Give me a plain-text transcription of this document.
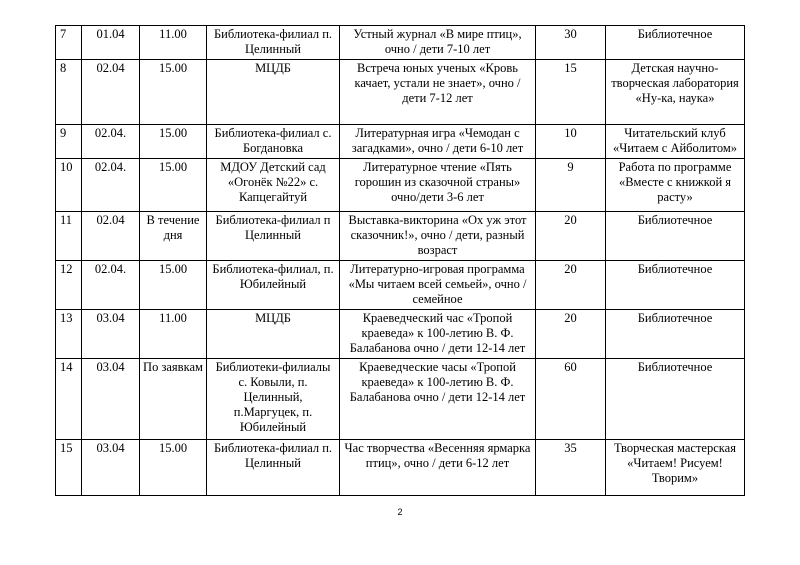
7	01.04	11.00	Библиотека-филиал п. Целинный	Устный журнал «В мире птиц», очно / дети 7-10 лет	30	Библиотечное
8	02.04	15.00	МЦДБ	Встреча юных ученых «Кровь качает, устали не знает», очно / дети 7-12 лет	15	Детская научно-творческая лаборатория «Ну-ка, наука»
9	02.04.	15.00	Библиотека-филиал с. Богдановка	Литературная игра «Чемодан с загадками», очно / дети 6-10 лет	10	Читательский клуб «Читаем с Айболитом»
10	02.04.	15.00	МДОУ Детский сад «Огонёк №22» с. Капцегайтуй	Литературное чтение «Пять горошин из сказочной страны» очно/дети 3-6 лет	9	Работа по программе «Вместе с книжкой я расту»
11	02.04	В течение дня	Библиотека-филиал п Целинный	Выставка-викторина «Ох уж этот сказочник!», очно / дети, разный возраст	20	Библиотечное
12	02.04.	15.00	Библиотека-филиал, п. Юбилейный	Литературно-игровая программа «Мы читаем всей семьей», очно / семейное	20	Библиотечное
13	03.04	11.00	МЦДБ	Краеведческий час «Тропой краеведа» к 100-летию В. Ф. Балабанова очно / дети 12-14 лет	20	Библиотечное
14	03.04	По заявкам	Библиотеки-филиалы с. Ковыли, п. Целинный, п.Маргуцек, п. Юбилейный	Краеведческие часы «Тропой краеведа» к 100-летию В. Ф. Балабанова очно / дети 12-14 лет	60	Библиотечное
15	03.04	15.00	Библиотека-филиал п. Целинный	Час творчества «Весенняя ярмарка птиц», очно / дети 6-12 лет	35	Творческая мастерская «Читаем! Рисуем! Творим»
2
